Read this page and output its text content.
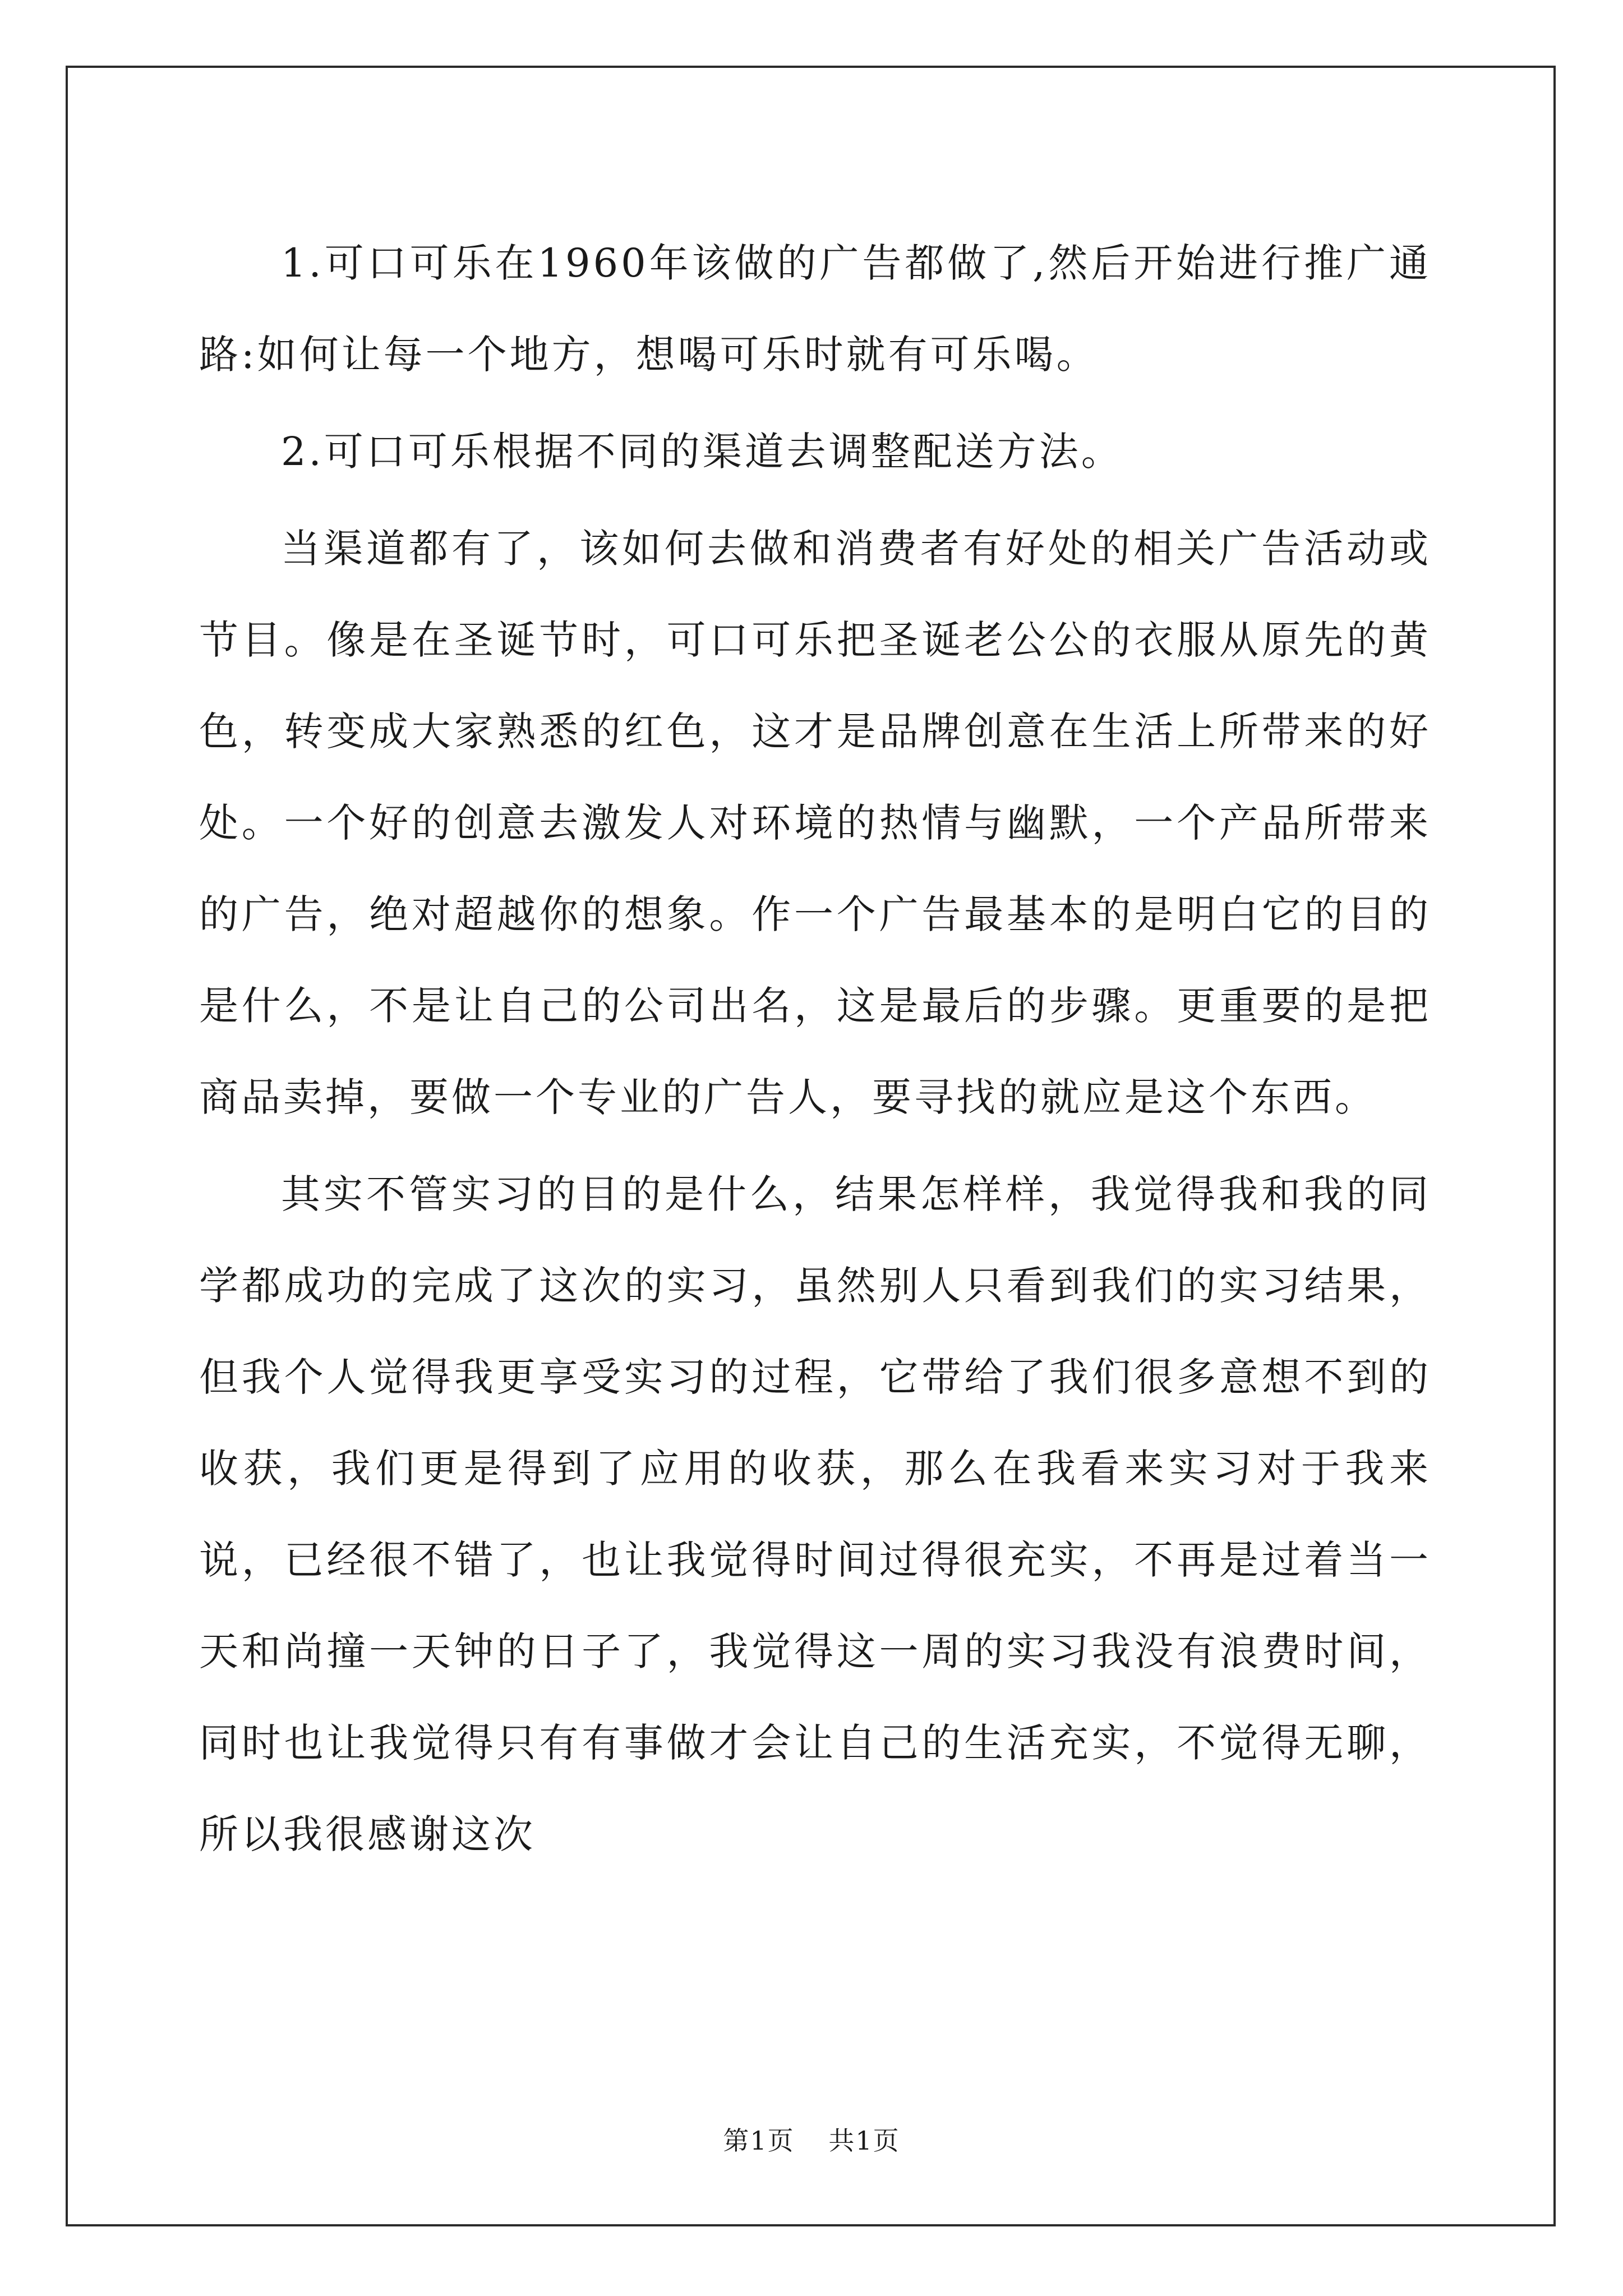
1.可口可乐在1960年该做的广告都做了,然后开始进行推广通路:如何让每一个地方，想喝可乐时就有可乐喝。

2.可口可乐根据不同的渠道去调整配送方法。

当渠道都有了，该如何去做和消费者有好处的相关广告活动或节目。像是在圣诞节时，可口可乐把圣诞老公公的衣服从原先的黄色，转变成大家熟悉的红色，这才是品牌创意在生活上所带来的好处。一个好的创意去激发人对环境的热情与幽默，一个产品所带来的广告，绝对超越你的想象。作一个广告最基本的是明白它的目的是什么，不是让自己的公司出名，这是最后的步骤。更重要的是把商品卖掉，要做一个专业的广告人，要寻找的就应是这个东西。

其实不管实习的目的是什么，结果怎样样，我觉得我和我的同学都成功的完成了这次的实习，虽然别人只看到我们的实习结果，但我个人觉得我更享受实习的过程，它带给了我们很多意想不到的收获，我们更是得到了应用的收获，那么在我看来实习对于我来说，已经很不错了，也让我觉得时间过得很充实，不再是过着当一天和尚撞一天钟的日子了，我觉得这一周的实习我没有浪费时间，同时也让我觉得只有有事做才会让自己的生活充实，不觉得无聊，所以我很感谢这次

第1页 共1页
